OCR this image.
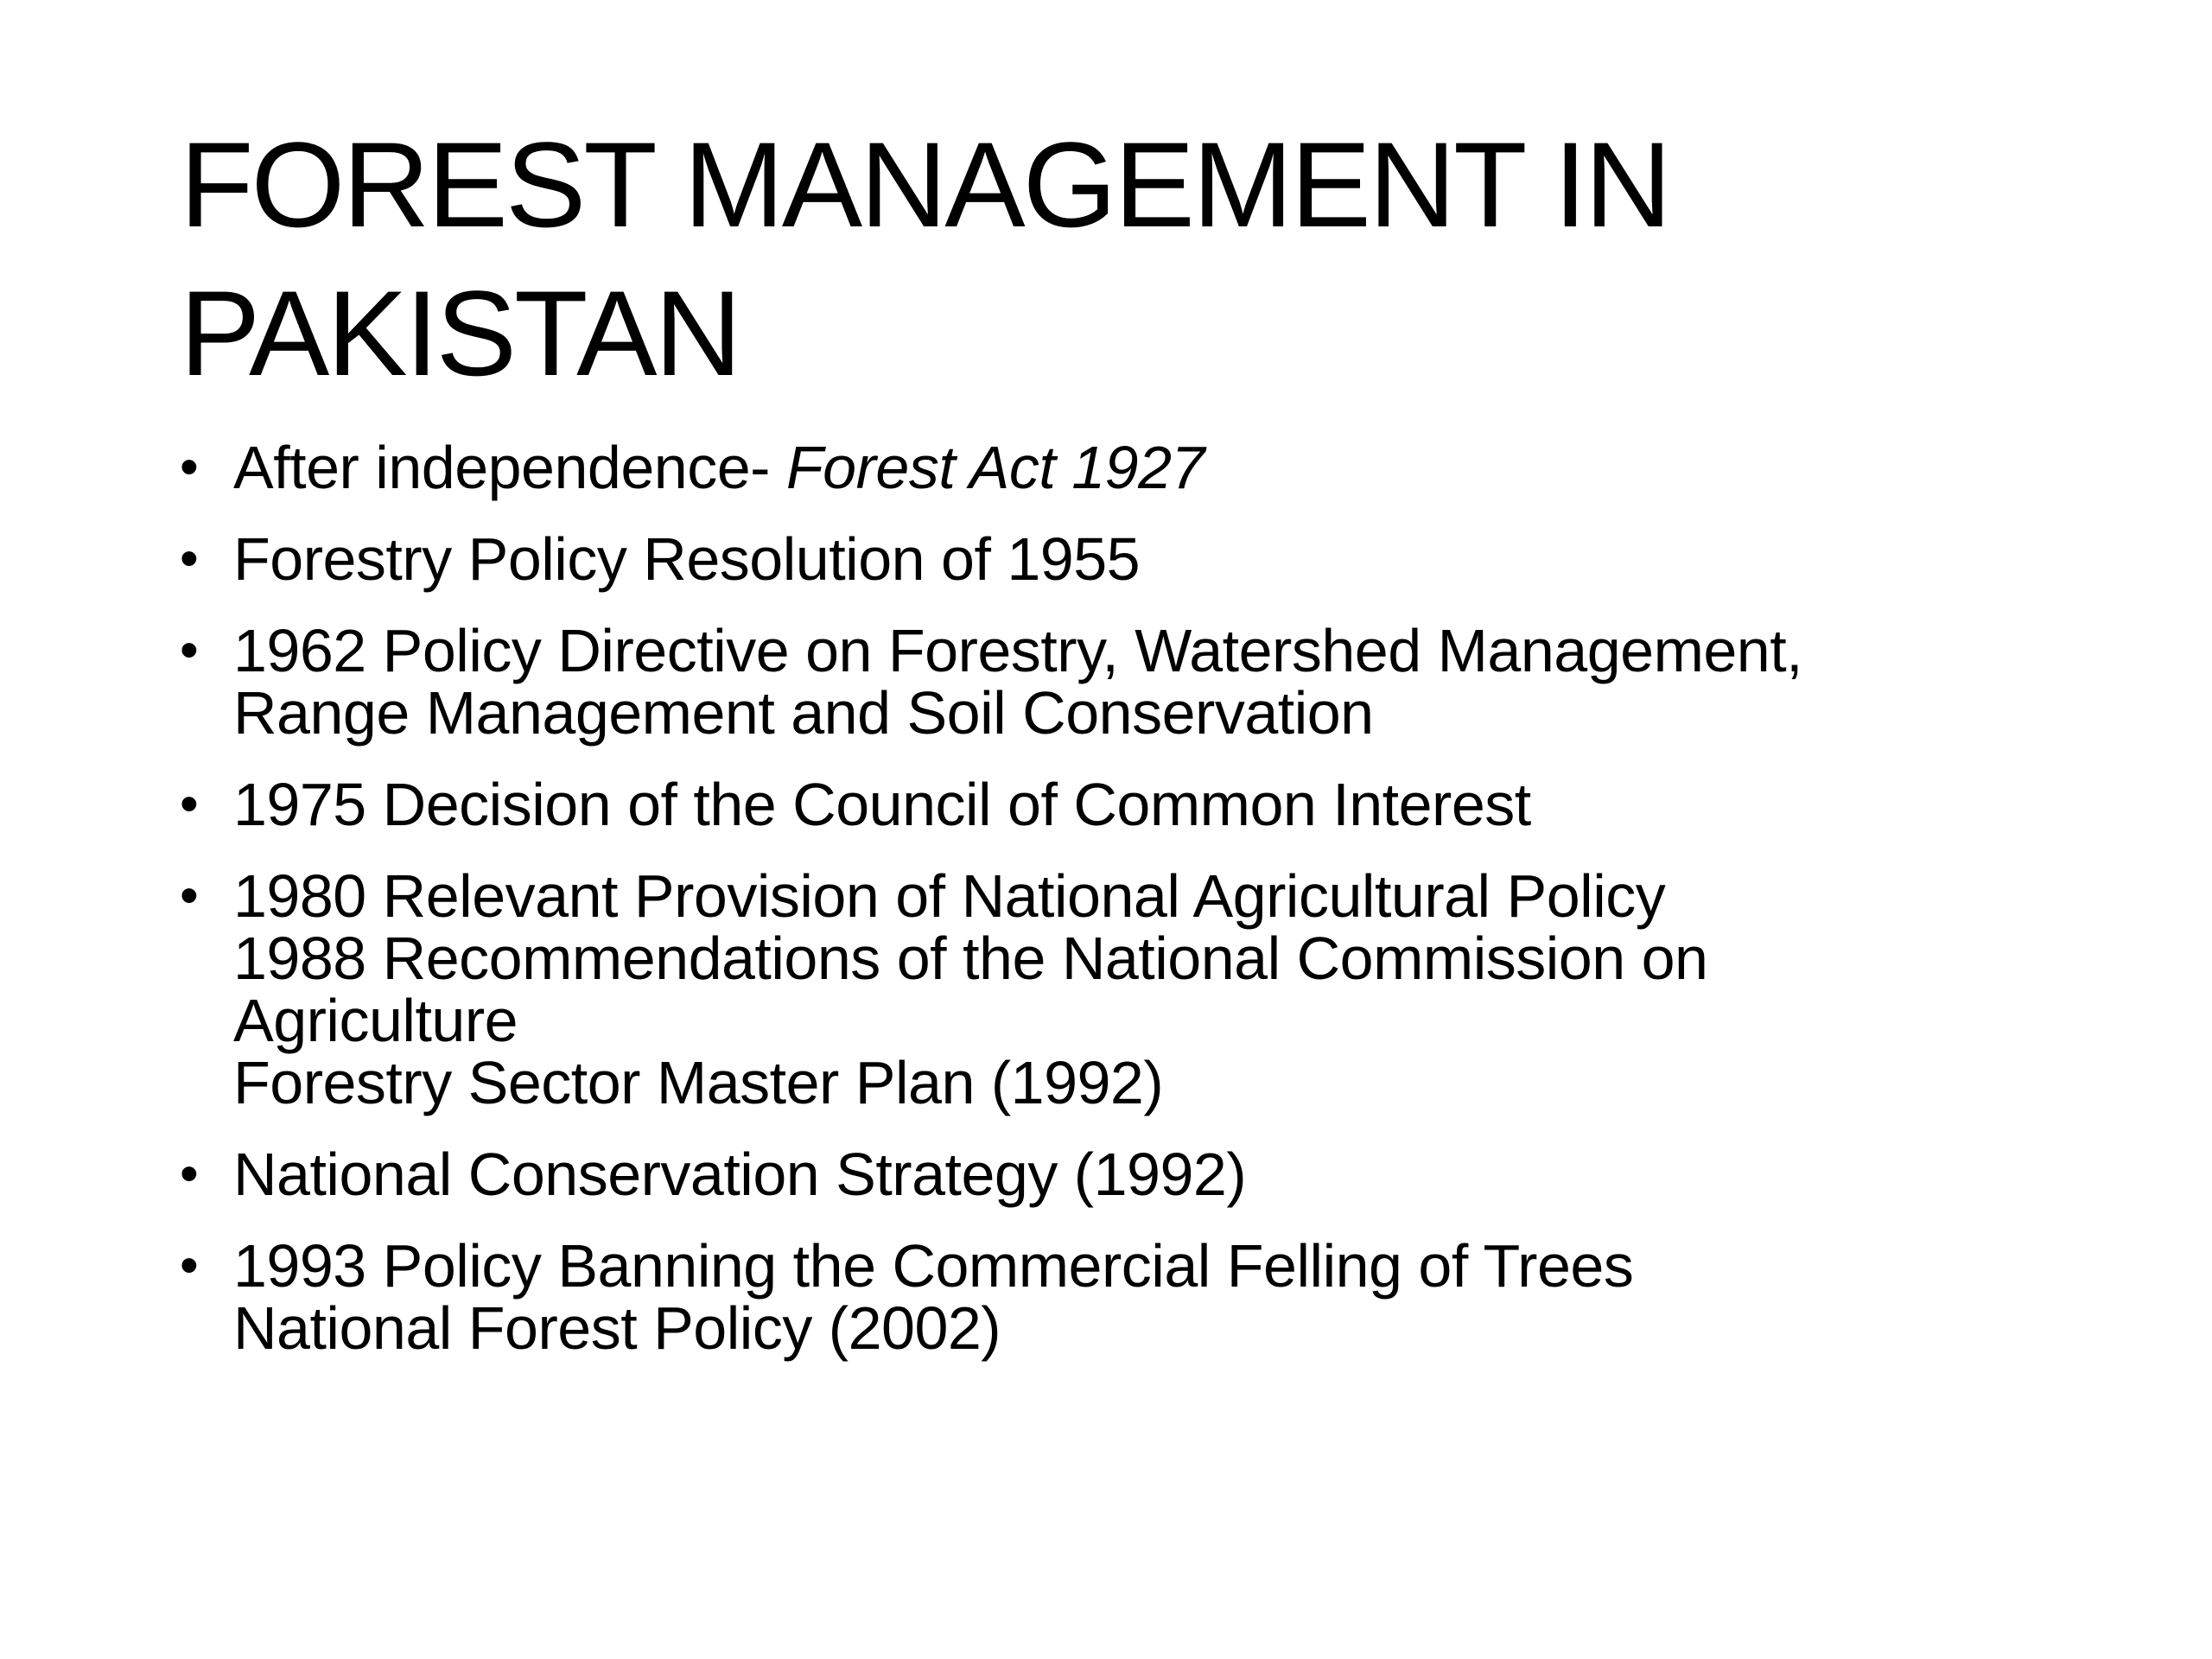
FOREST MANAGEMENT IN
PAKISTAN
• After independence- Forest Act 1927
• Forestry Policy Resolution of 1955
• 1962 Policy Directive on Forestry, Watershed Management,
Range Management and Soil Conservation
• 1975 Decision of the Council of Common Interest
• 1980 Relevant Provision of National Agricultural Policy
1988 Recommendations of the National Commission on
Agriculture
Forestry Sector Master Plan (1992)
• National Conservation Strategy (1992)
• 1993 Policy Banning the Commercial Felling of Trees
National Forest Policy (2002)
